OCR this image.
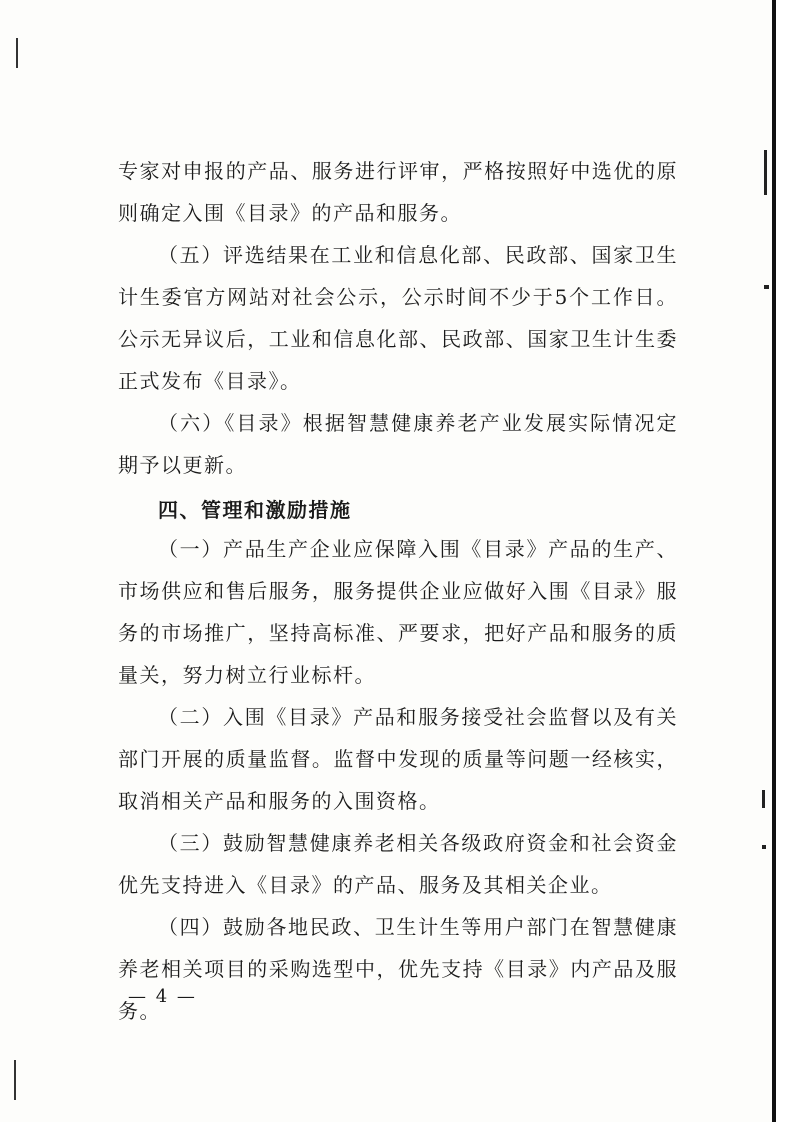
专家对申报的产品、服务进行评审，严格按照好中选优的原则确定入围《目录》的产品和服务。

（五）评选结果在工业和信息化部、民政部、国家卫生计生委官方网站对社会公示，公示时间不少于5个工作日。公示无异议后，工业和信息化部、民政部、国家卫生计生委正式发布《目录》。

（六）《目录》根据智慧健康养老产业发展实际情况定期予以更新。

四、管理和激励措施

（一）产品生产企业应保障入围《目录》产品的生产、市场供应和售后服务，服务提供企业应做好入围《目录》服务的市场推广，坚持高标准、严要求，把好产品和服务的质量关，努力树立行业标杆。

（二）入围《目录》产品和服务接受社会监督以及有关部门开展的质量监督。监督中发现的质量等问题一经核实，取消相关产品和服务的入围资格。

（三）鼓励智慧健康养老相关各级政府资金和社会资金优先支持进入《目录》的产品、服务及其相关企业。

（四）鼓励各地民政、卫生计生等用户部门在智慧健康养老相关项目的采购选型中，优先支持《目录》内产品及服务。

— 4 —
